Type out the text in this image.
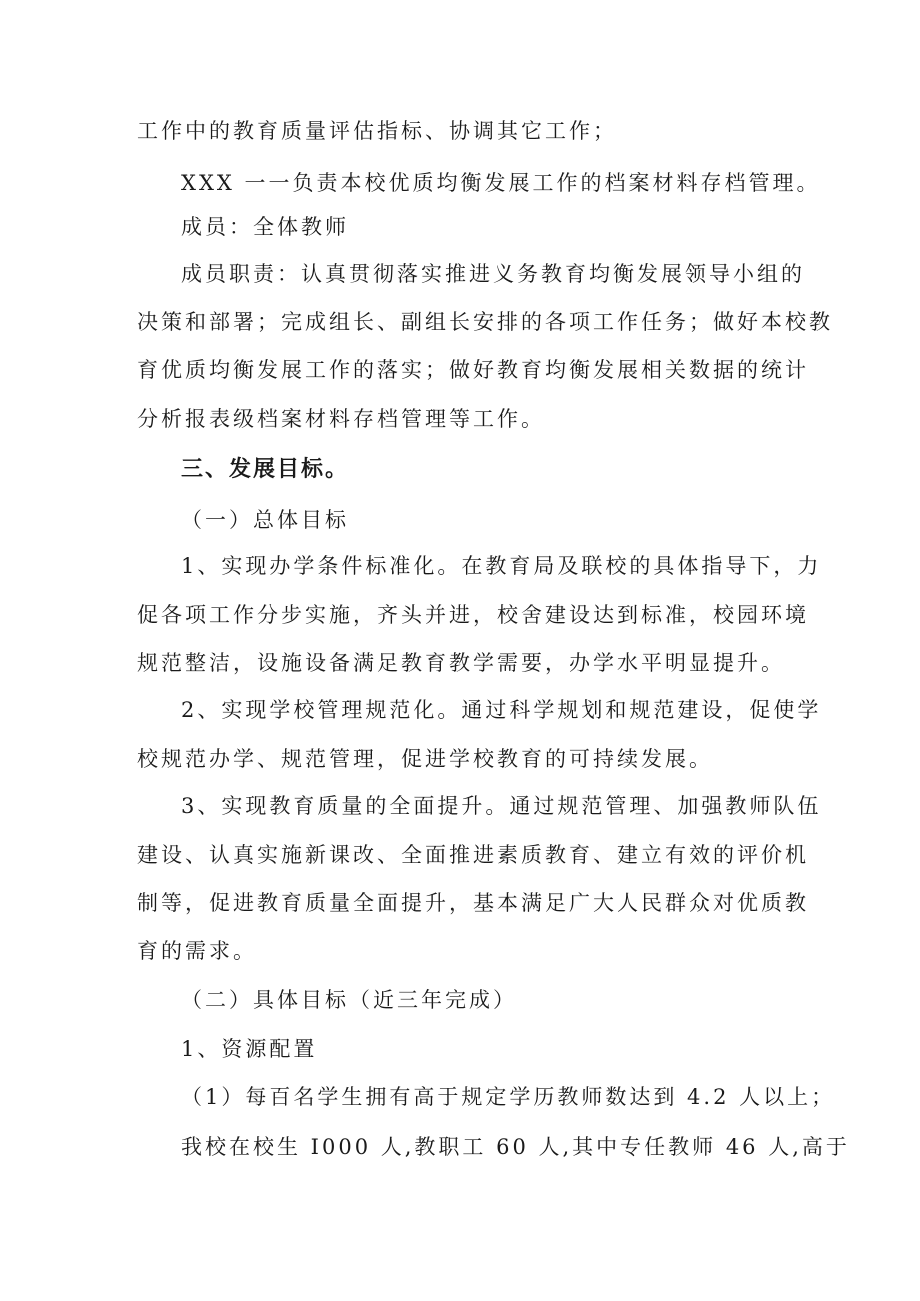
工作中的教育质量评估指标、协调其它工作；
XXX 一一负责本校优质均衡发展工作的档案材料存档管理。
成员：全体教师
成员职责：认真贯彻落实推进义务教育均衡发展领导小组的
决策和部署；完成组长、副组长安排的各项工作任务；做好本校教
育优质均衡发展工作的落实；做好教育均衡发展相关数据的统计
分析报表级档案材料存档管理等工作。
三、发展目标。
（一）总体目标
1、实现办学条件标准化。在教育局及联校的具体指导下，力
促各项工作分步实施，齐头并进，校舍建设达到标准，校园环境
规范整洁，设施设备满足教育教学需要，办学水平明显提升。
2、实现学校管理规范化。通过科学规划和规范建设，促使学
校规范办学、规范管理，促进学校教育的可持续发展。
3、实现教育质量的全面提升。通过规范管理、加强教师队伍
建设、认真实施新课改、全面推进素质教育、建立有效的评价机
制等，促进教育质量全面提升，基本满足广大人民群众对优质教
育的需求。
（二）具体目标（近三年完成）
1、资源配置
（1）每百名学生拥有高于规定学历教师数达到 4.2 人以上；
我校在校生 I000 人,教职工 60 人,其中专任教师 46 人,高于
